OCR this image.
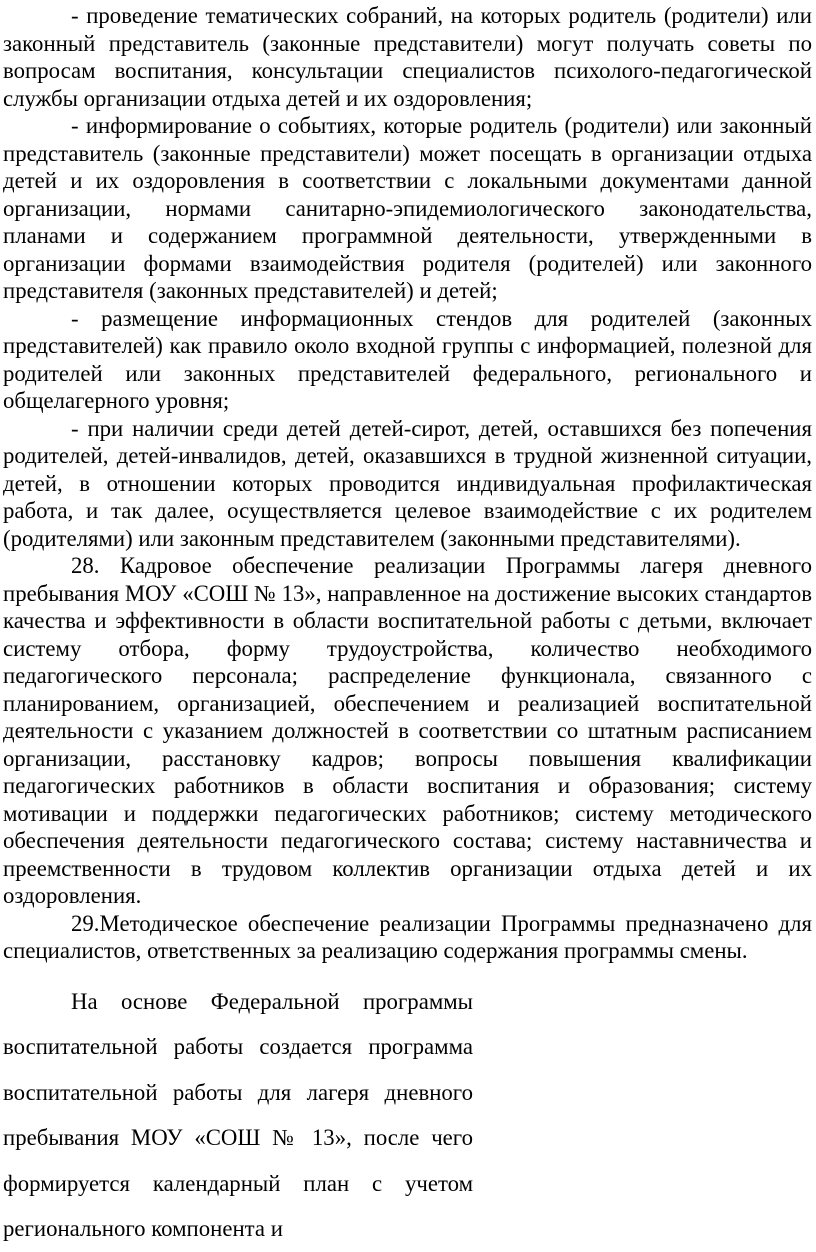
- проведение тематических собраний, на которых родитель (родители) или законный представитель (законные представители) могут получать советы по вопросам воспитания, консультации специалистов психолого-педагогической службы организации отдыха детей и их оздоровления;

- информирование о событиях, которые родитель (родители) или законный представитель (законные представители) может посещать в организации отдыха детей и их оздоровления в соответствии с локальными документами данной организации, нормами санитарно-эпидемиологического законодательства, планами и содержанием программной деятельности, утвержденными в организации формами взаимодействия родителя (родителей) или законного представителя (законных представителей) и детей;

- размещение информационных стендов для родителей (законных представителей) как правило около входной группы с информацией, полезной для родителей или законных представителей федерального, регионального и общелагерного уровня;

- при наличии среди детей детей-сирот, детей, оставшихся без попечения родителей, детей-инвалидов, детей, оказавшихся в трудной жизненной ситуации, детей, в отношении которых проводится индивидуальная профилактическая работа, и так далее, осуществляется целевое взаимодействие с их родителем (родителями) или законным представителем (законными представителями).

28. Кадровое обеспечение реализации Программы лагеря дневного пребывания МОУ «СОШ № 13», направленное на достижение высоких стандартов качества и эффективности в области воспитательной работы с детьми, включает систему отбора, форму трудоустройства, количество необходимого педагогического персонала; распределение функционала, связанного с планированием, организацией, обеспечением и реализацией воспитательной деятельности с указанием должностей в соответствии со штатным расписанием организации, расстановку кадров; вопросы повышения квалификации педагогических работников в области воспитания и образования; систему мотивации и поддержки педагогических работников; систему методического обеспечения деятельности педагогического состава; систему наставничества и преемственности в трудовом коллектив организации отдыха детей и их оздоровления.

29.Методическое обеспечение реализации Программы предназначено для специалистов, ответственных за реализацию содержания программы смены.

На основе Федеральной программы воспитательной работы создается программа воспитательной работы для лагеря дневного пребывания МОУ «СОШ № 13», после чего формируется календарный план с учетом регионального компонента и
